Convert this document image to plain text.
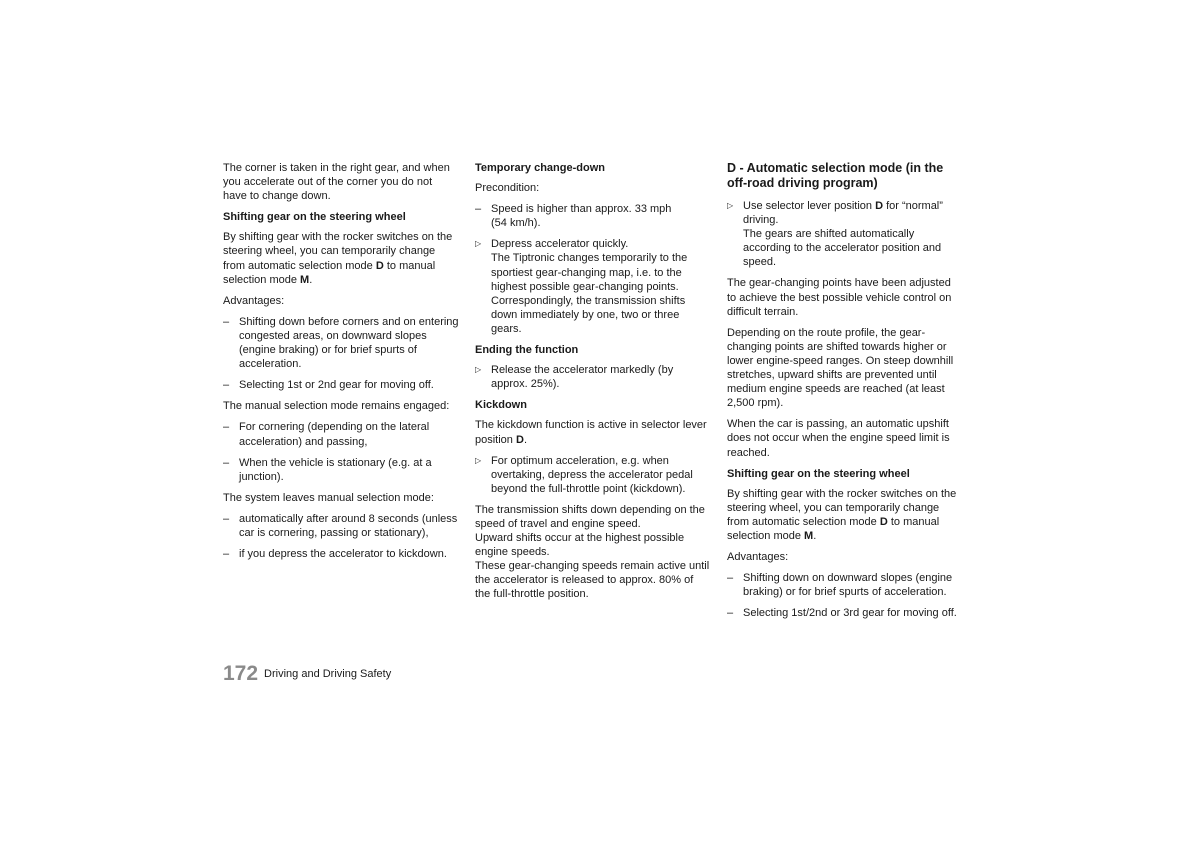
The corner is taken in the right gear, and when you accelerate out of the corner you do not have to change down.

Shifting gear on the steering wheel

By shifting gear with the rocker switches on the steering wheel, you can temporarily change from automatic selection mode D to manual selection mode M.

Advantages:

– Shifting down before corners and on entering congested areas, on downward slopes (engine braking) or for brief spurts of acceleration.
– Selecting 1st or 2nd gear for moving off.

The manual selection mode remains engaged:

– For cornering (depending on the lateral acceleration) and passing,
– When the vehicle is stationary (e.g. at a junction).

The system leaves manual selection mode:

– automatically after around 8 seconds (unless car is cornering, passing or stationary),
– if you depress the accelerator to kickdown.

Temporary change-down

Precondition:

– Speed is higher than approx. 33 mph
(54 km/h).
▷ Depress accelerator quickly.
The Tiptronic changes temporarily to the sportiest gear-changing map, i.e. to the highest possible gear-changing points. Correspondingly, the transmission shifts down immediately by one, two or three gears.

Ending the function

▷ Release the accelerator markedly (by approx. 25%).

Kickdown

The kickdown function is active in selector lever position D.

▷ For optimum acceleration, e.g. when overtaking, depress the accelerator pedal beyond the full-throttle point (kickdown).

The transmission shifts down depending on the speed of travel and engine speed.
Upward shifts occur at the highest possible engine speeds.
These gear-changing speeds remain active until the accelerator is released to approx. 80% of the full-throttle position.

D - Automatic selection mode (in the off-road driving program)

▷ Use selector lever position D for “normal” driving.
The gears are shifted automatically according to the accelerator position and speed.

The gear-changing points have been adjusted to achieve the best possible vehicle control on difficult terrain.

Depending on the route profile, the gear-changing points are shifted towards higher or lower engine-speed ranges. On steep downhill stretches, upward shifts are prevented until medium engine speeds are reached (at least 2,500 rpm).

When the car is passing, an automatic upshift does not occur when the engine speed limit is reached.

Shifting gear on the steering wheel

By shifting gear with the rocker switches on the steering wheel, you can temporarily change from automatic selection mode D to manual selection mode M.

Advantages:

– Shifting down on downward slopes (engine braking) or for brief spurts of acceleration.
– Selecting 1st/2nd or 3rd gear for moving off.
172 Driving and Driving Safety
